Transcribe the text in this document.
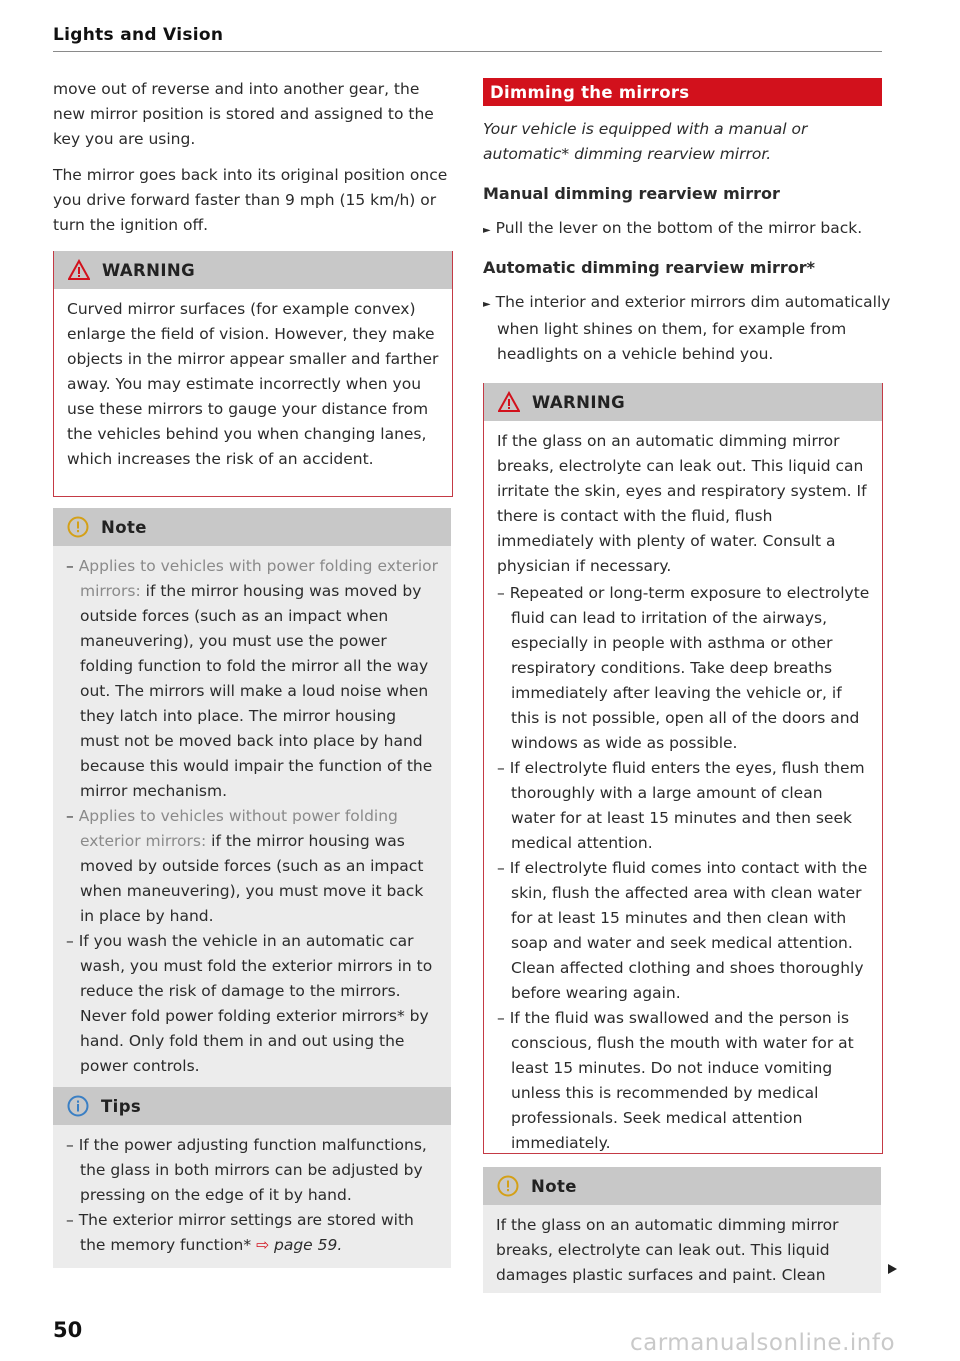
Lights and Vision

move out of reverse and into another gear, the new mirror position is stored and assigned to the key you are using.

The mirror goes back into its original position once you drive forward faster than 9 mph (15 km/h) or turn the ignition off.

WARNING

Curved mirror surfaces (for example convex) enlarge the field of vision. However, they make objects in the mirror appear smaller and farther away. You may estimate incorrectly when you use these mirrors to gauge your distance from the vehicles behind you when changing lanes, which increases the risk of an accident.

Note
– Applies to vehicles with power folding exterior mirrors: if the mirror housing was moved by outside forces (such as an impact when maneuvering), you must use the power folding function to fold the mirror all the way out. The mirrors will make a loud noise when they latch into place. The mirror housing must not be moved back into place by hand because this would impair the function of the mirror mechanism.
– Applies to vehicles without power folding exterior mirrors: if the mirror housing was moved by outside forces (such as an impact when maneuvering), you must move it back in place by hand.
– If you wash the vehicle in an automatic car wash, you must fold the exterior mirrors in to reduce the risk of damage to the mirrors. Never fold power folding exterior mirrors* by hand. Only fold them in and out using the power controls.
Tips
– If the power adjusting function malfunctions, the glass in both mirrors can be adjusted by pressing on the edge of it by hand.
– The exterior mirror settings are stored with the memory function* ⇨ page 59.
Dimming the mirrors

Your vehicle is equipped with a manual or automatic* dimming rearview mirror.

Manual dimming rearview mirror

► Pull the lever on the bottom of the mirror back.

Automatic dimming rearview mirror*

► The interior and exterior mirrors dim automatically when light shines on them, for example from headlights on a vehicle behind you.

WARNING

If the glass on an automatic dimming mirror breaks, electrolyte can leak out. This liquid can irritate the skin, eyes and respiratory system. If there is contact with the fluid, flush immediately with plenty of water. Consult a physician if necessary.

– Repeated or long-term exposure to electrolyte fluid can lead to irritation of the airways, especially in people with asthma or other respiratory conditions. Take deep breaths immediately after leaving the vehicle or, if this is not possible, open all of the doors and windows as wide as possible.
– If electrolyte fluid enters the eyes, flush them thoroughly with a large amount of clean water for at least 15 minutes and then seek medical attention.
– If electrolyte fluid comes into contact with the skin, flush the affected area with clean water for at least 15 minutes and then clean with soap and water and seek medical attention. Clean affected clothing and shoes thoroughly before wearing again.
– If the fluid was swallowed and the person is conscious, flush the mouth with water for at least 15 minutes. Do not induce vomiting unless this is recommended by medical professionals. Seek medical attention immediately.
Note

If the glass on an automatic dimming mirror breaks, electrolyte can leak out. This liquid damages plastic surfaces and paint. Clean

50	carmanualsonline.info
